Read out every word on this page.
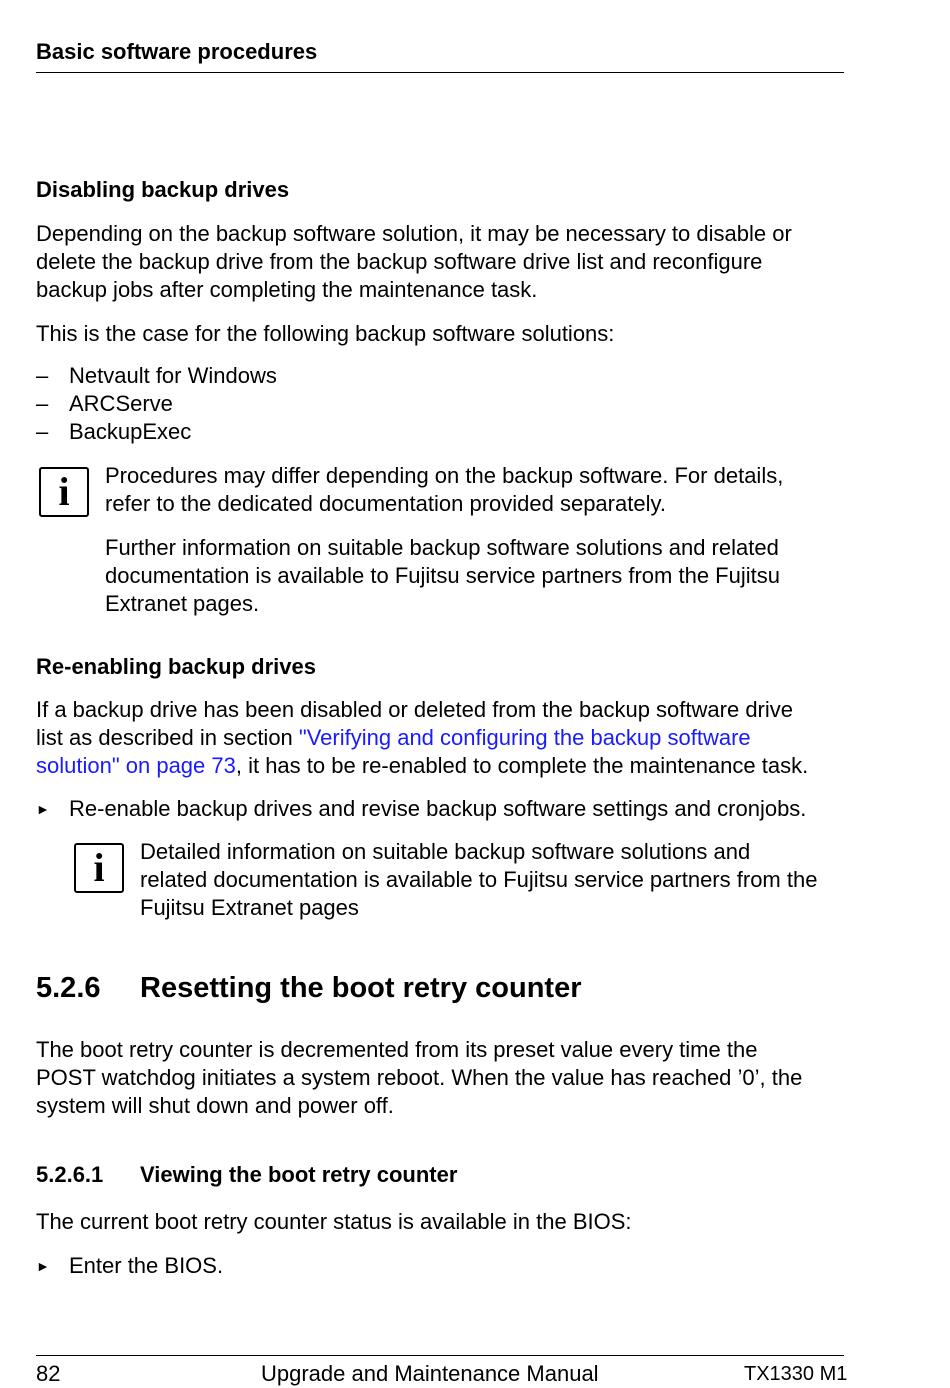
Basic software procedures
Disabling backup drives
Depending on the backup software solution, it may be necessary to disable or
delete the backup drive from the backup software drive list and reconfigure
backup jobs after completing the maintenance task.
This is the case for the following backup software solutions:
– Netvault for Windows
– ARCServe
– BackupExec
i	Procedures may differ depending on the backup software. For details,
refer to the dedicated documentation provided separately.
Further information on suitable backup software solutions and related
documentation is available to Fujitsu service partners from the Fujitsu
Extranet pages.
Re-enabling backup drives
If a backup drive has been disabled or deleted from the backup software drive
list as described in section "Verifying and configuring the backup software
solution" on page 73, it has to be re-enabled to complete the maintenance task.
► Re-enable backup drives and revise backup software settings and cronjobs.
i	Detailed information on suitable backup software solutions and
related documentation is available to Fujitsu service partners from the
Fujitsu Extranet pages
5.2.6 Resetting the boot retry counter
The boot retry counter is decremented from its preset value every time the
POST watchdog initiates a system reboot. When the value has reached ’0’, the
system will shut down and power off.
5.2.6.1 Viewing the boot retry counter
The current boot retry counter status is available in the BIOS:
► Enter the BIOS.
82	Upgrade and Maintenance Manual	TX1330 M1
